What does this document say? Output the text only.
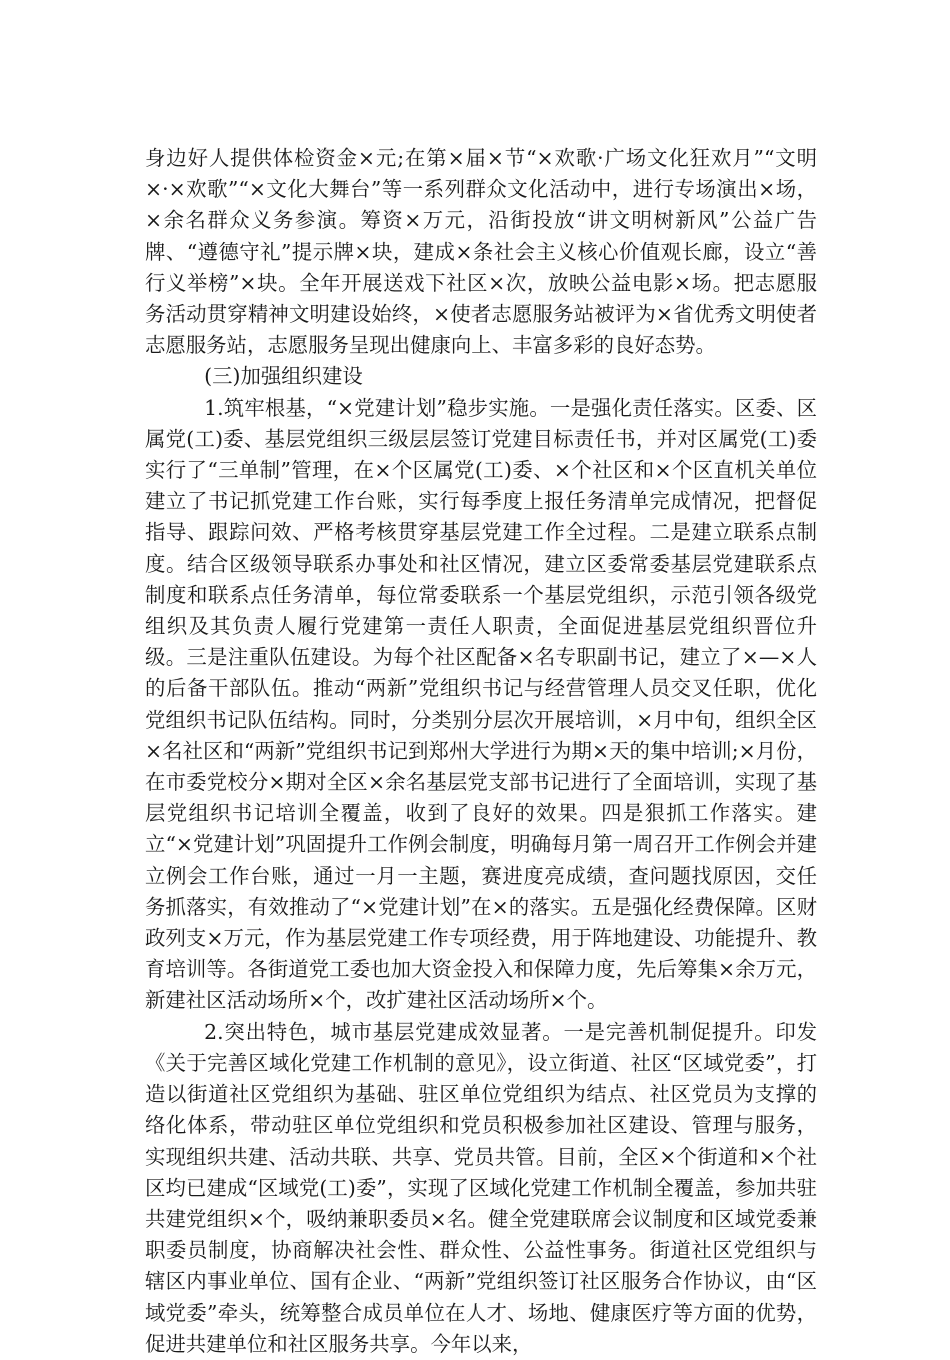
身边好人提供体检资金×元;在第×届×节“×欢歌·广场文化狂欢月”“文明×·×欢歌”“×文化大舞台”等一系列群众文化活动中，进行专场演出×场，×余名群众义务参演。筹资×万元，沿街投放“讲文明树新风”公益广告牌、“遵德守礼”提示牌×块，建成×条社会主义核心价值观长廊，设立“善行义举榜”×块。全年开展送戏下社区×次，放映公益电影×场。把志愿服务活动贯穿精神文明建设始终，×使者志愿服务站被评为×省优秀文明使者志愿服务站，志愿服务呈现出健康向上、丰富多彩的良好态势。

(三)加强组织建设

1.筑牢根基，“×党建计划”稳步实施。一是强化责任落实。区委、区属党(工)委、基层党组织三级层层签订党建目标责任书，并对区属党(工)委实行了“三单制”管理，在×个区属党(工)委、×个社区和×个区直机关单位建立了书记抓党建工作台账，实行每季度上报任务清单完成情况，把督促指导、跟踪问效、严格考核贯穿基层党建工作全过程。二是建立联系点制度。结合区级领导联系办事处和社区情况，建立区委常委基层党建联系点制度和联系点任务清单，每位常委联系一个基层党组织，示范引领各级党组织及其负责人履行党建第一责任人职责，全面促进基层党组织晋位升级。三是注重队伍建设。为每个社区配备×名专职副书记，建立了×—×人的后备干部队伍。推动“两新”党组织书记与经营管理人员交叉任职，优化党组织书记队伍结构。同时，分类别分层次开展培训，×月中旬，组织全区×名社区和“两新”党组织书记到郑州大学进行为期×天的集中培训;×月份，在市委党校分×期对全区×余名基层党支部书记进行了全面培训，实现了基层党组织书记培训全覆盖，收到了良好的效果。四是狠抓工作落实。建立“×党建计划”巩固提升工作例会制度，明确每月第一周召开工作例会并建立例会工作台账，通过一月一主题，赛进度亮成绩，查问题找原因，交任务抓落实，有效推动了“×党建计划”在×的落实。五是强化经费保障。区财政列支×万元，作为基层党建工作专项经费，用于阵地建设、功能提升、教育培训等。各街道党工委也加大资金投入和保障力度，先后筹集×余万元，新建社区活动场所×个，改扩建社区活动场所×个。

2.突出特色，城市基层党建成效显著。一是完善机制促提升。印发《关于完善区域化党建工作机制的意见》，设立街道、社区“区域党委”，打造以街道社区党组织为基础、驻区单位党组织为结点、社区党员为支撑的络化体系，带动驻区单位党组织和党员积极参加社区建设、管理与服务，实现组织共建、活动共联、共享、党员共管。目前，全区×个街道和×个社区均已建成“区域党(工)委”，实现了区域化党建工作机制全覆盖，参加共驻共建党组织×个，吸纳兼职委员×名。健全党建联席会议制度和区域党委兼职委员制度，协商解决社会性、群众性、公益性事务。街道社区党组织与辖区内事业单位、国有企业、“两新”党组织签订社区服务合作协议，由“区域党委”牵头，统筹整合成员单位在人才、场地、健康医疗等方面的优势，促进共建单位和社区服务共享。今年以来，
